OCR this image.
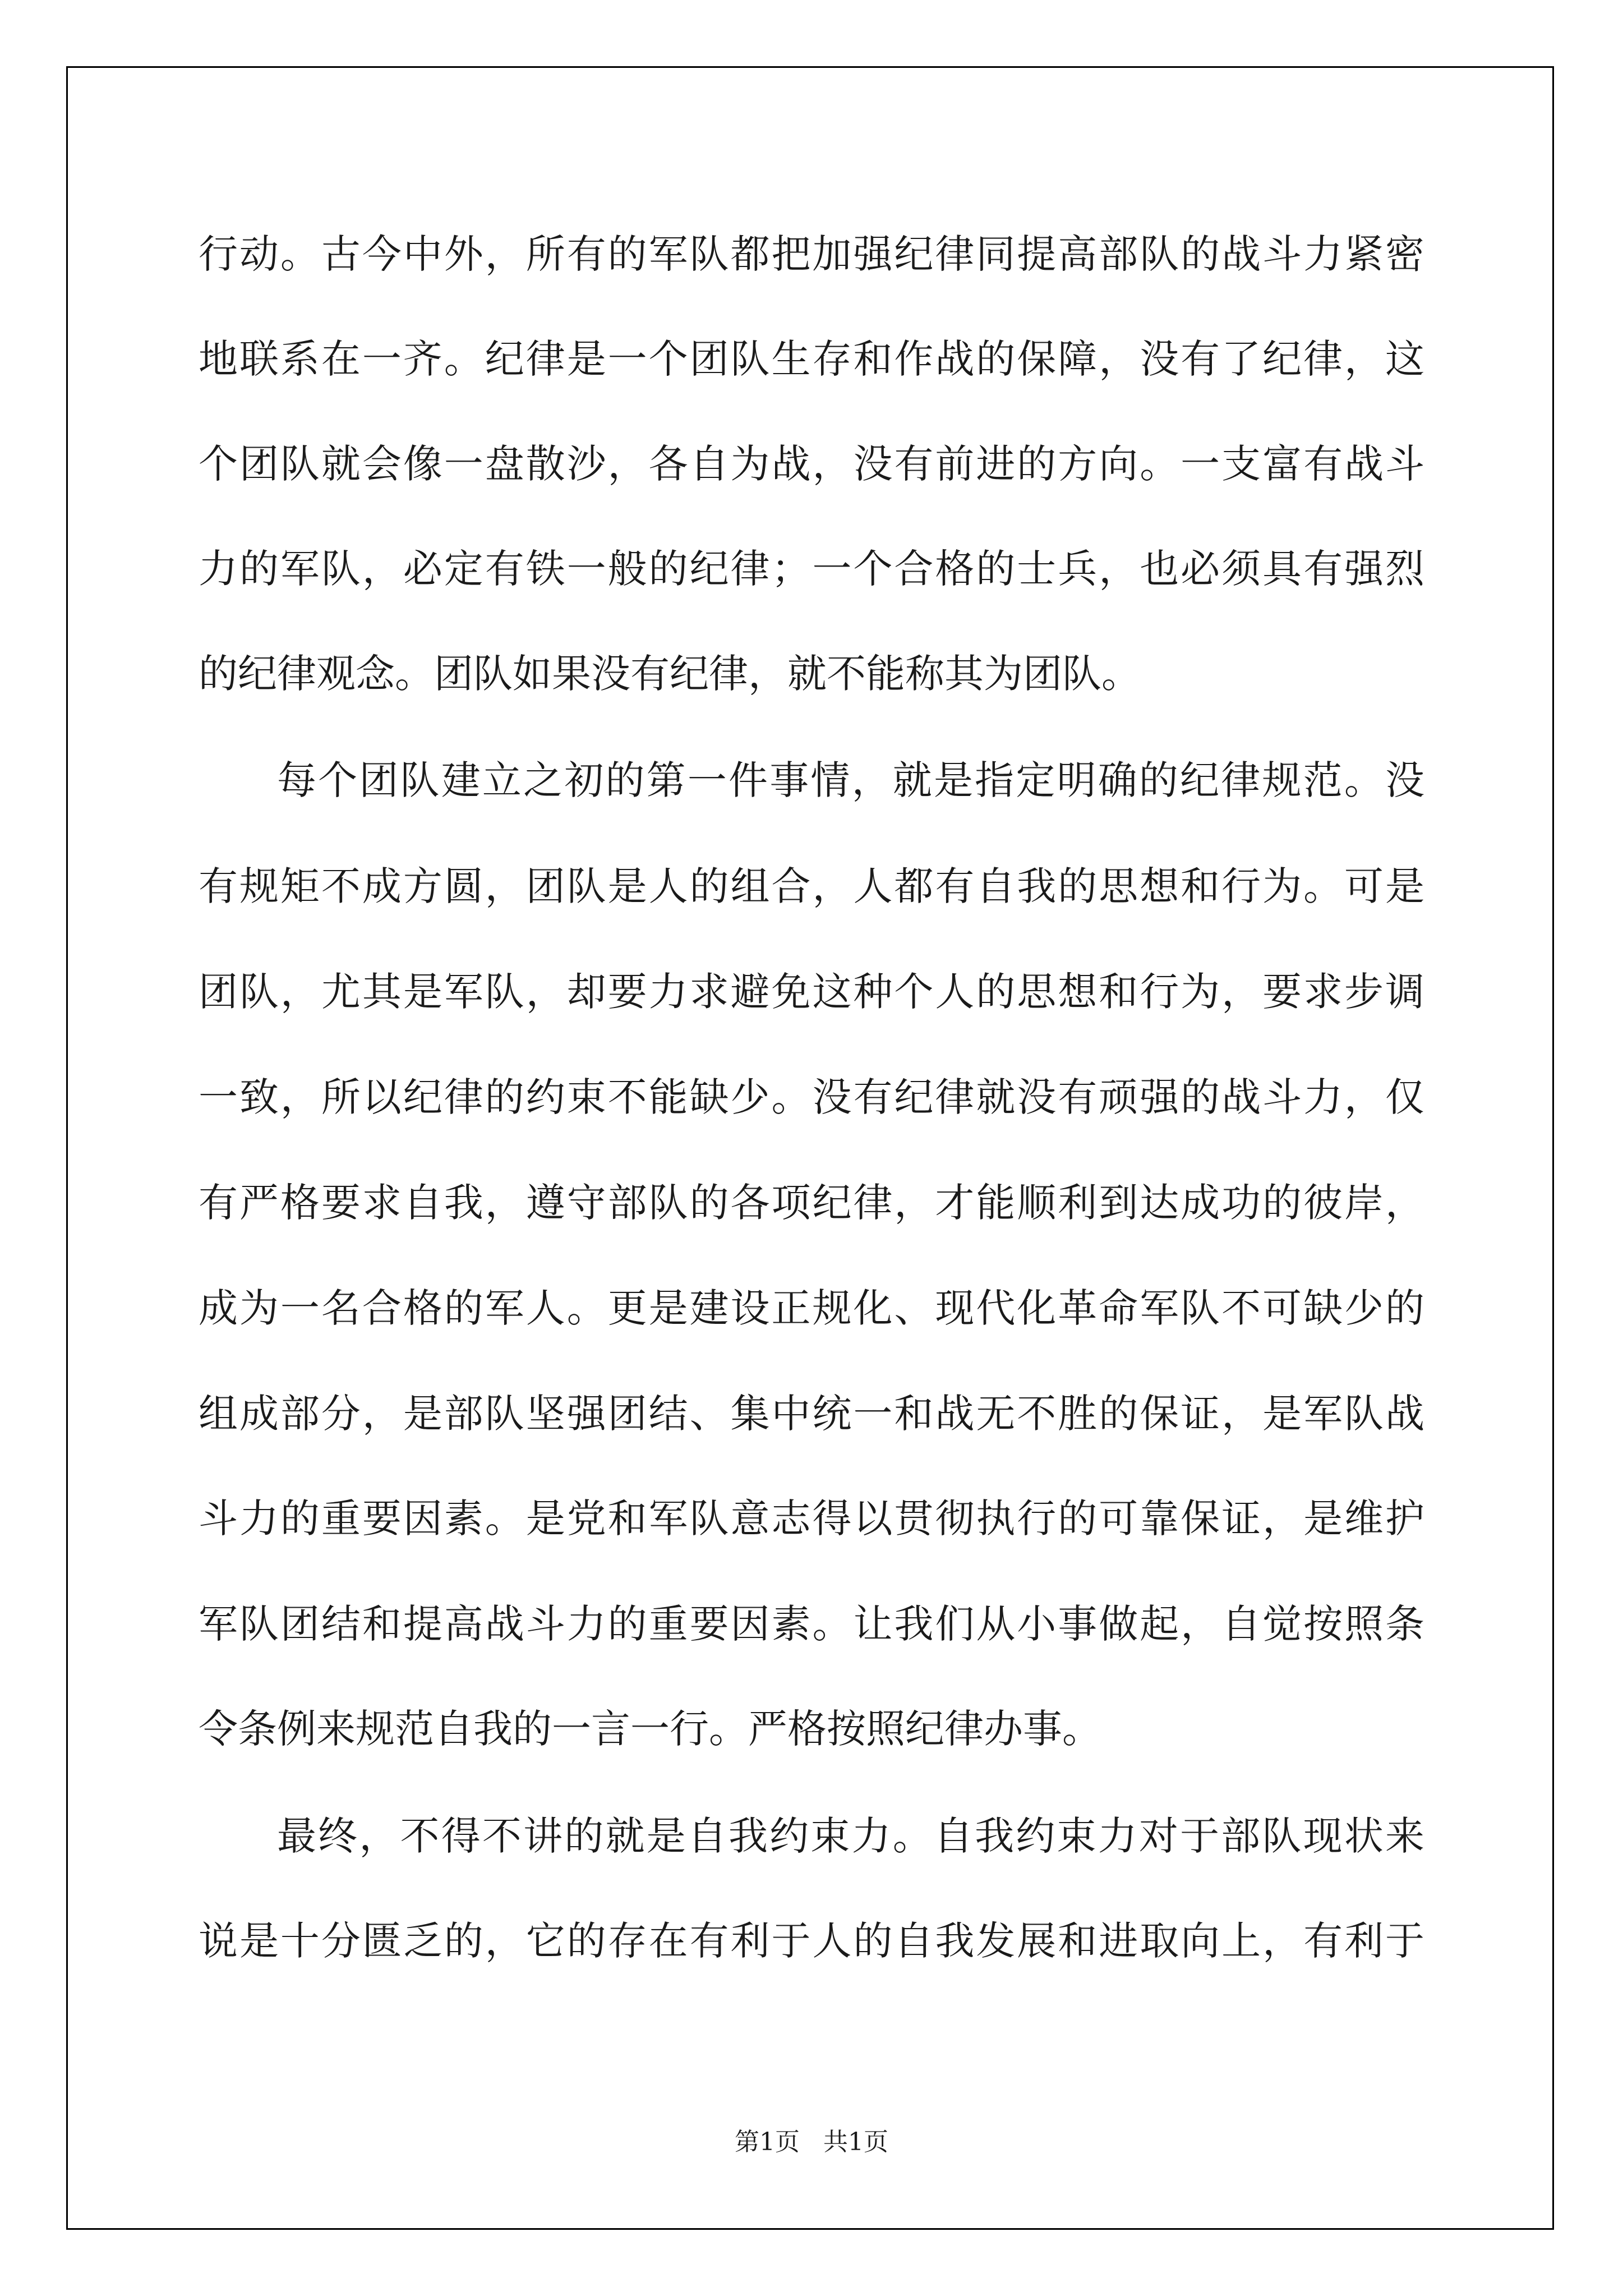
行动。古今中外，所有的军队都把加强纪律同提高部队的战斗力紧密
地联系在一齐。纪律是一个团队生存和作战的保障，没有了纪律，这
个团队就会像一盘散沙，各自为战，没有前进的方向。一支富有战斗
力的军队，必定有铁一般的纪律；一个合格的士兵，也必须具有强烈
的纪律观念。团队如果没有纪律，就不能称其为团队。
每个团队建立之初的第一件事情，就是指定明确的纪律规范。没
有规矩不成方圆，团队是人的组合，人都有自我的思想和行为。可是
团队，尤其是军队，却要力求避免这种个人的思想和行为，要求步调
一致，所以纪律的约束不能缺少。没有纪律就没有顽强的战斗力，仅
有严格要求自我，遵守部队的各项纪律，才能顺利到达成功的彼岸，
成为一名合格的军人。更是建设正规化、现代化革命军队不可缺少的
组成部分，是部队坚强团结、集中统一和战无不胜的保证，是军队战
斗力的重要因素。是党和军队意志得以贯彻执行的可靠保证，是维护
军队团结和提高战斗力的重要因素。让我们从小事做起，自觉按照条
令条例来规范自我的一言一行。严格按照纪律办事。
最终，不得不讲的就是自我约束力。自我约束力对于部队现状来
说是十分匮乏的，它的存在有利于人的自我发展和进取向上，有利于
第1页 共1页
